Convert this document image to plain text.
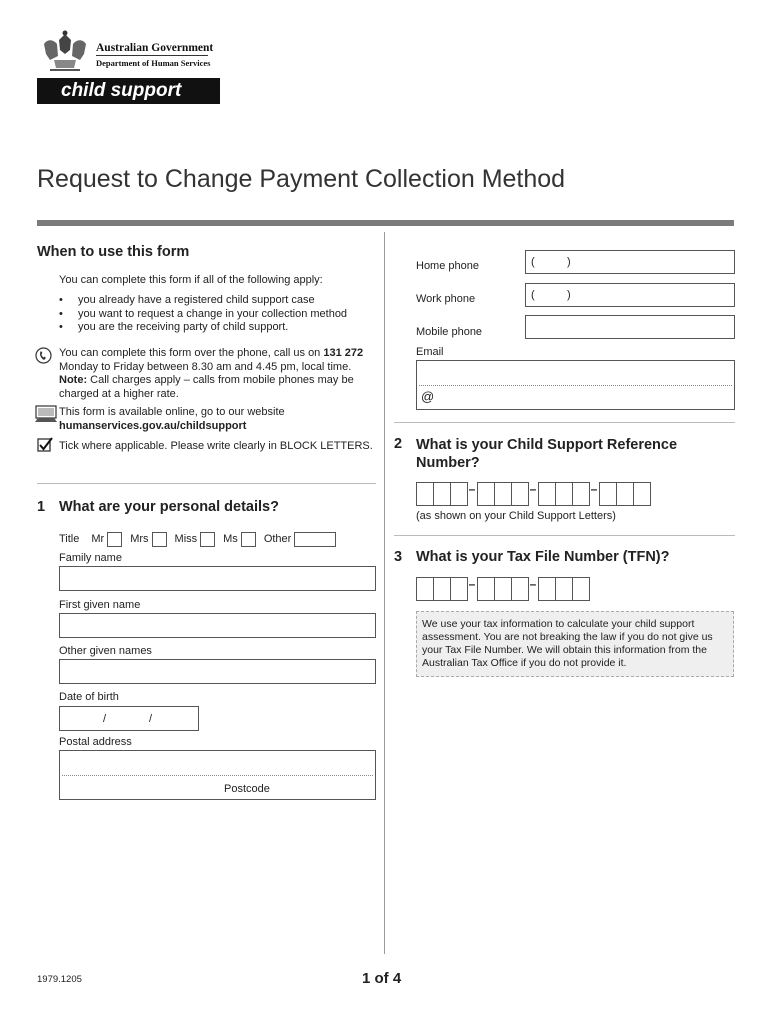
Australian Government
Department of Human Services
child support
Request to Change Payment Collection Method
When to use this form
You can complete this form if all of the following apply:
• you already have a registered child support case
• you want to request a change in your collection method
• you are the receiving party of child support.
You can complete this form over the phone, call us on 131 272
Monday to Friday between 8.30 am and 4.45 pm, local time.
Note: Call charges apply – calls from mobile phones may be charged at a higher rate.
This form is available online, go to our website
humanservices.gov.au/childsupport
Tick where applicable. Please write clearly in BLOCK LETTERS.
1 What are your personal details?
Title Mr Mrs Miss Ms Other
Family name
First given name
Other given names
Date of birth
/	/
Postal address
Postcode
Home phone	(	)
Work phone	(	)
Mobile phone
Email
@
2 What is your Child Support Reference
Number?
–	–	–
(as shown on your Child Support Letters)
3 What is your Tax File Number (TFN)?
–	–
We use your tax information to calculate your child support assessment. You are not breaking the law if you do not give us your Tax File Number. We will obtain this information from the Australian Tax Office if you do not provide it.
1979.1205	1 of 4
